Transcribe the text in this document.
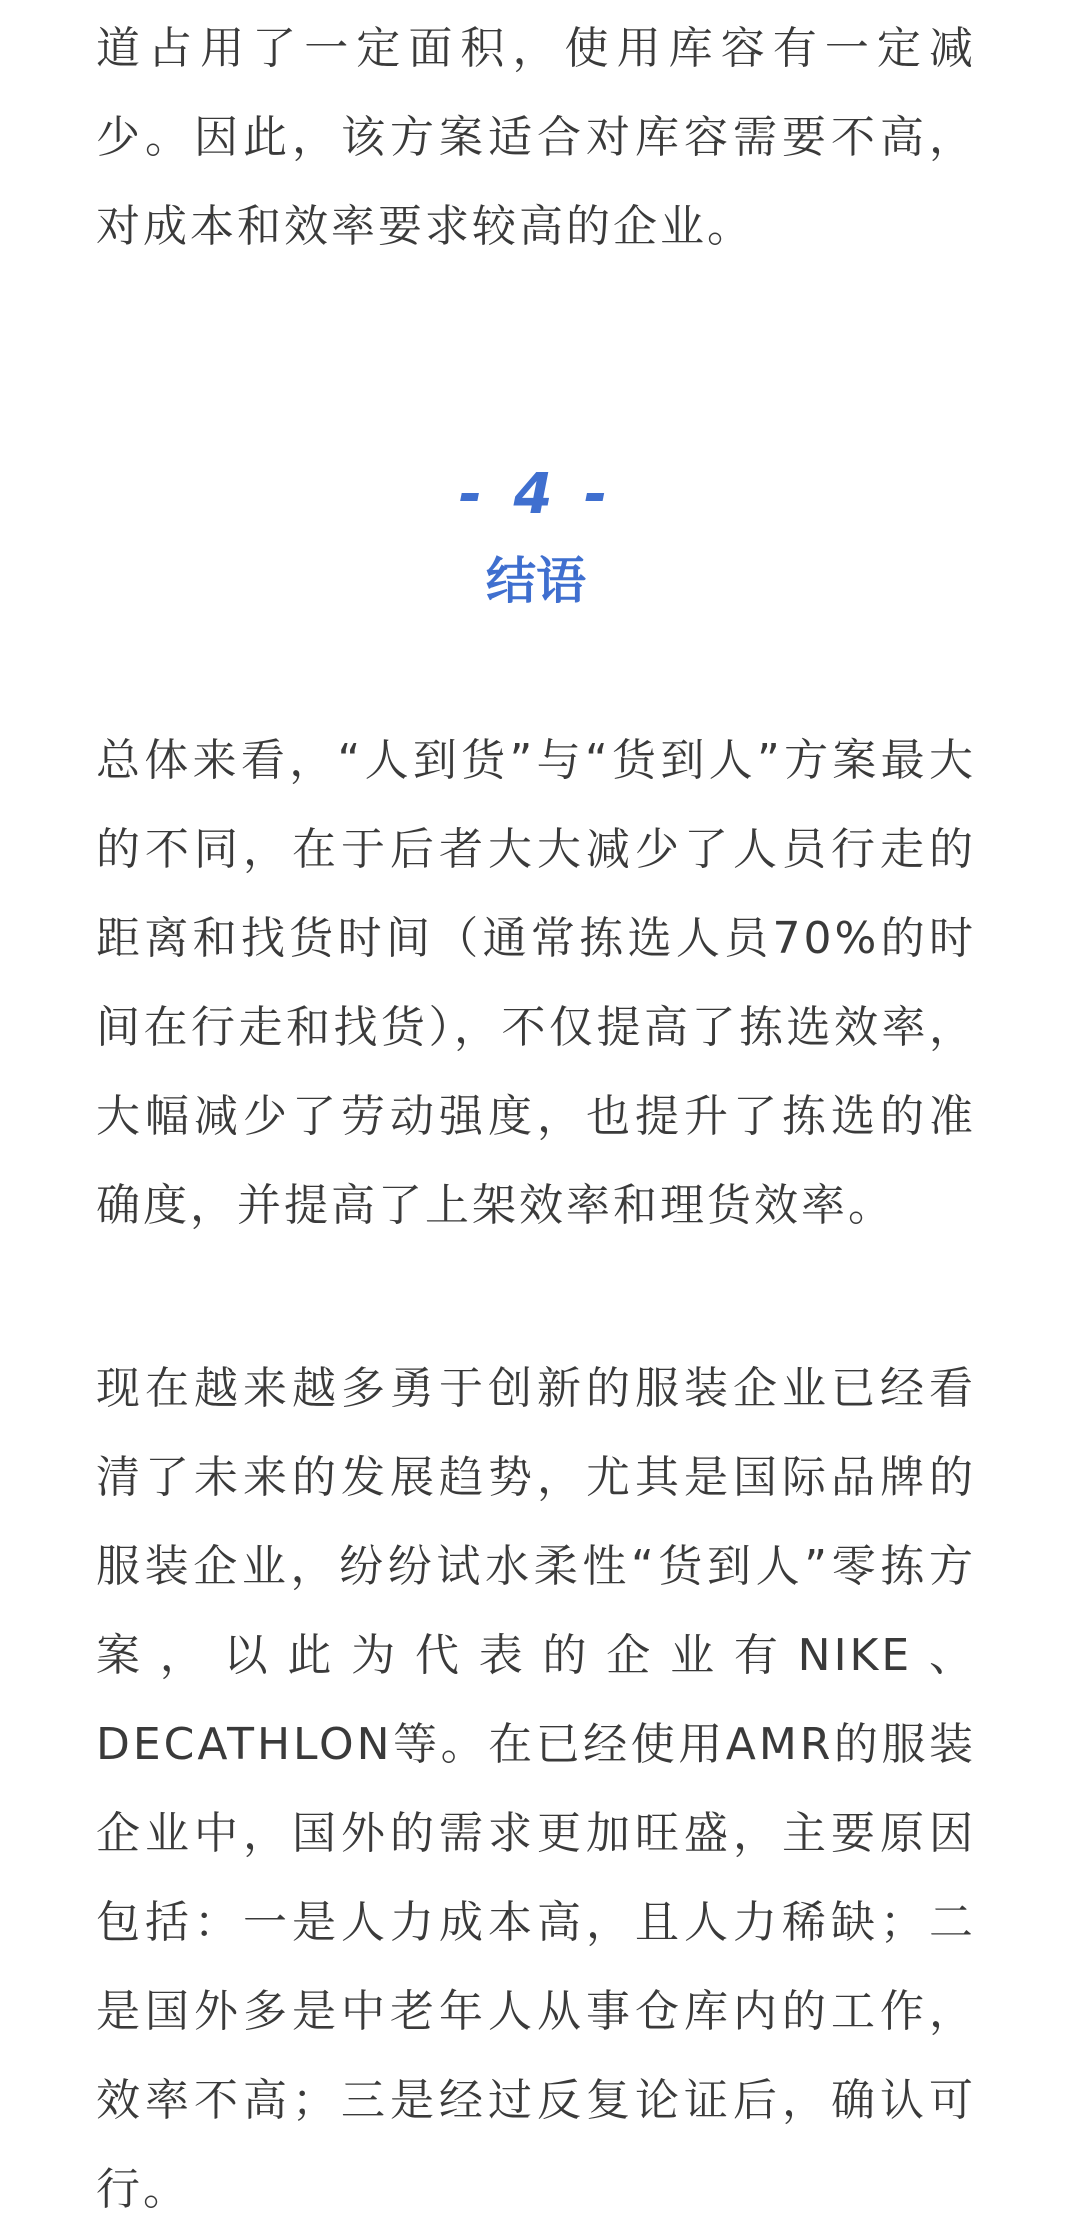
道占用了一定面积，使用库容有一定减少。因此，该方案适合对库容需要不高，对成本和效率要求较高的企业。

- 4 -
结语

总体来看，“人到货”与“货到人”方案最大的不同，在于后者大大减少了人员行走的距离和找货时间（通常拣选人员70%的时间在行走和找货），不仅提高了拣选效率，大幅减少了劳动强度，也提升了拣选的准确度，并提高了上架效率和理货效率。

现在越来越多勇于创新的服装企业已经看清了未来的发展趋势，尤其是国际品牌的服装企业，纷纷试水柔性“货到人”零拣方案，以此为代表的企业有NIKE、DECATHLON等。在已经使用AMR的服装企业中，国外的需求更加旺盛，主要原因包括：一是人力成本高，且人力稀缺；二是国外多是中老年人从事仓库内的工作，效率不高；三是经过反复论证后，确认可行。
